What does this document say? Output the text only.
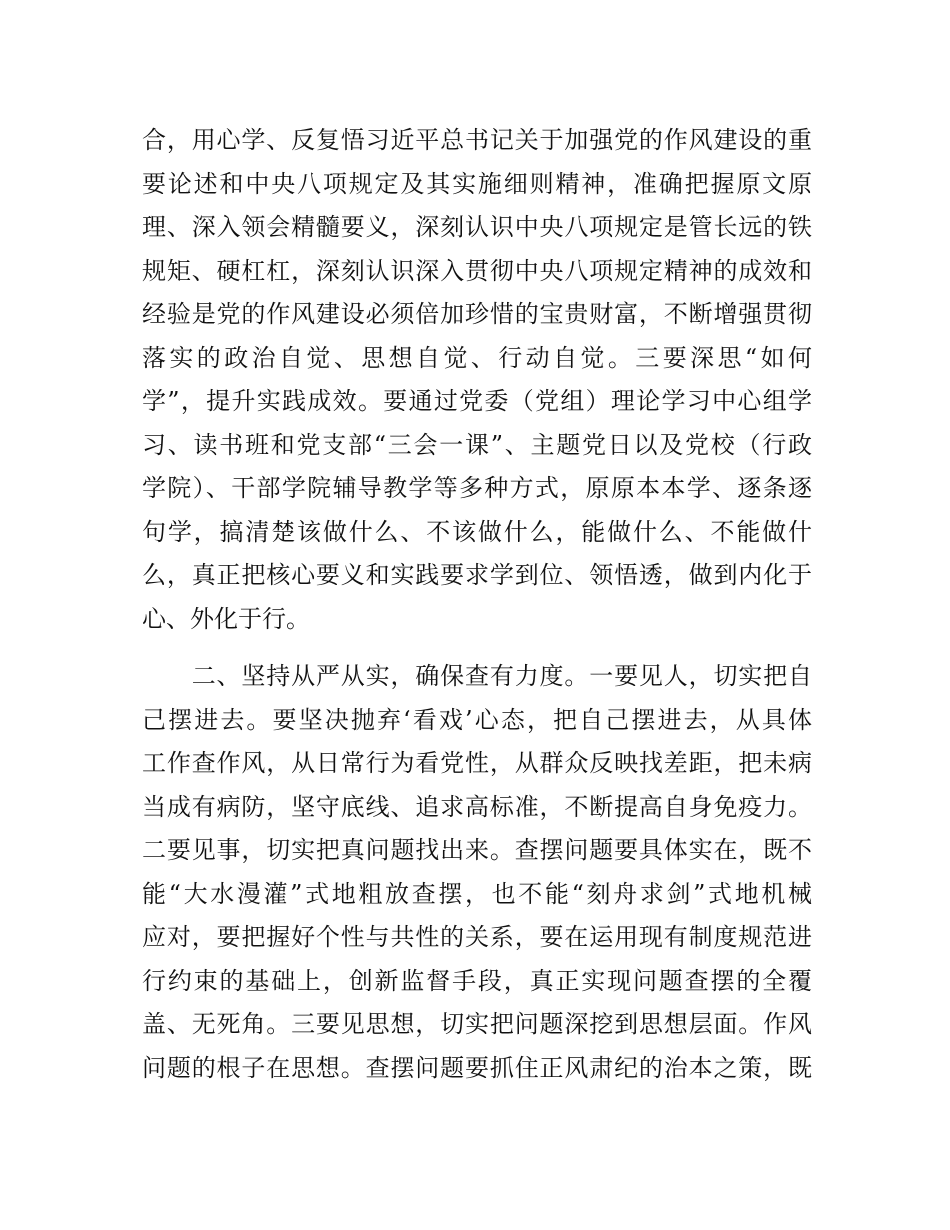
合，用心学、反复悟习近平总书记关于加强党的作风建设的重
要论述和中央八项规定及其实施细则精神，准确把握原文原
理、深入领会精髓要义，深刻认识中央八项规定是管长远的铁
规矩、硬杠杠，深刻认识深入贯彻中央八项规定精神的成效和
经验是党的作风建设必须倍加珍惜的宝贵财富，不断增强贯彻
落实的政治自觉、思想自觉、行动自觉。三要深思“如何
学”，提升实践成效。要通过党委（党组）理论学习中心组学
习、读书班和党支部“三会一课”、主题党日以及党校（行政
学院）、干部学院辅导教学等多种方式，原原本本学、逐条逐
句学，搞清楚该做什么、不该做什么，能做什么、不能做什
么，真正把核心要义和实践要求学到位、领悟透，做到内化于
心、外化于行。
　　二、坚持从严从实，确保查有力度。一要见人，切实把自
己摆进去。要坚决抛弃‘看戏’心态，把自己摆进去，从具体
工作查作风，从日常行为看党性，从群众反映找差距，把未病
当成有病防，坚守底线、追求高标准，不断提高自身免疫力。
二要见事，切实把真问题找出来。查摆问题要具体实在，既不
能“大水漫灌”式地粗放查摆，也不能“刻舟求剑”式地机械
应对，要把握好个性与共性的关系，要在运用现有制度规范进
行约束的基础上，创新监督手段，真正实现问题查摆的全覆
盖、无死角。三要见思想，切实把问题深挖到思想层面。作风
问题的根子在思想。查摆问题要抓住正风肃纪的治本之策，既
